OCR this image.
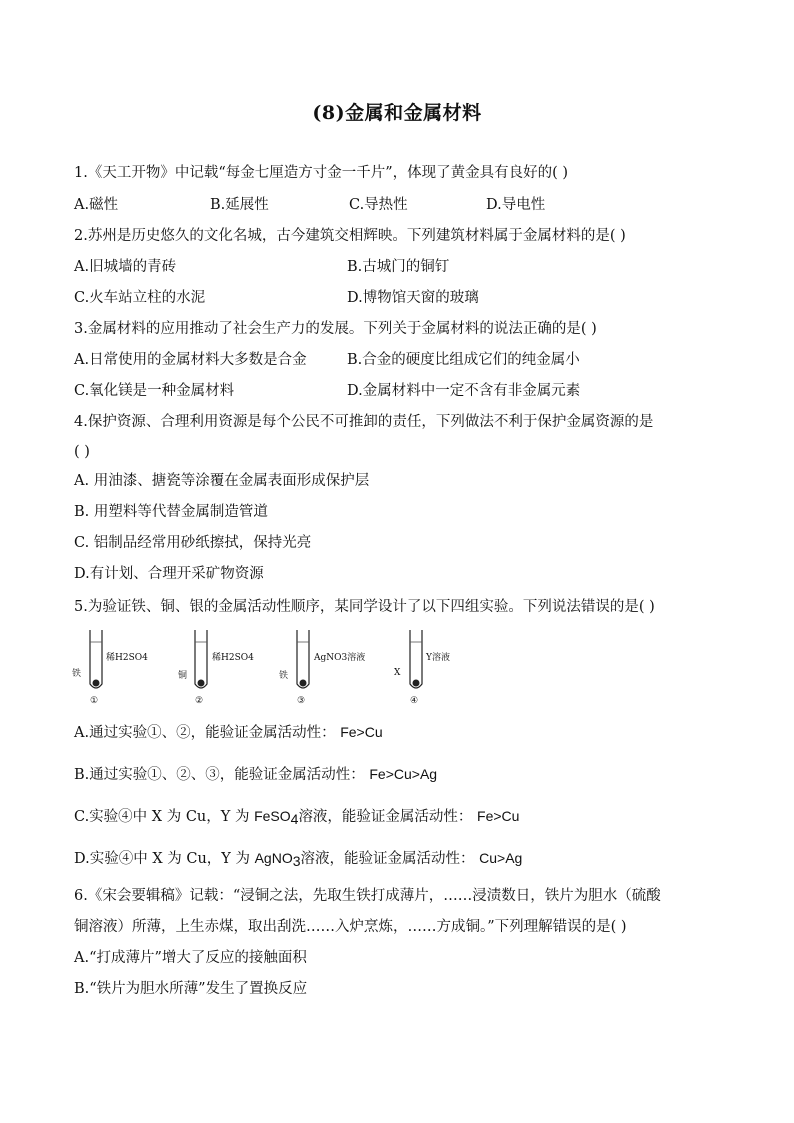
(8)金属和金属材料
1.《天工开物》中记载“每金七厘造方寸金一千片”，体现了黄金具有良好的( )
A.磁性	B.延展性	C.导热性	D.导电性
2.苏州是历史悠久的文化名城，古今建筑交相辉映。下列建筑材料属于金属材料的是( )
A.旧城墙的青砖	B.古城门的铜钉
C.火车站立柱的水泥	D.博物馆天窗的玻璃
3.金属材料的应用推动了社会生产力的发展。下列关于金属材料的说法正确的是( )
A.日常使用的金属材料大多数是合金	B.合金的硬度比组成它们的纯金属小
C.氧化镁是一种金属材料	D.金属材料中一定不含有非金属元素
4.保护资源、合理利用资源是每个公民不可推卸的责任，下列做法不利于保护金属资源的是
( )
A. 用油漆、搪瓷等涂覆在金属表面形成保护层
B. 用塑料等代替金属制造管道
C. 铝制品经常用砂纸擦拭，保持光亮
D.有计划、合理开采矿物资源
5.为验证铁、铜、银的金属活动性顺序，某同学设计了以下四组实验。下列说法错误的是( )
铁
稀H2SO4
①
铜
稀H2SO4
②
铁
AgNO3溶液
③
X
Y溶液
④
A.通过实验①、②，能验证金属活动性： Fe>Cu
B.通过实验①、②、③，能验证金属活动性： Fe>Cu>Ag
C.实验④中 X 为 Cu，Y 为 FeSO$_4$溶液，能验证金属活动性： Fe>Cu
D.实验④中 X 为 Cu，Y 为 AgNO$_3$溶液，能验证金属活动性： Cu>Ag
6.《宋会要辑稿》记载：“浸铜之法，先取生铁打成薄片，……浸渍数日，铁片为胆水（硫酸
铜溶液）所薄，上生赤煤，取出刮洗……入炉烹炼，……方成铜。”下列理解错误的是( )
A.“打成薄片”增大了反应的接触面积
B.“铁片为胆水所薄”发生了置换反应
